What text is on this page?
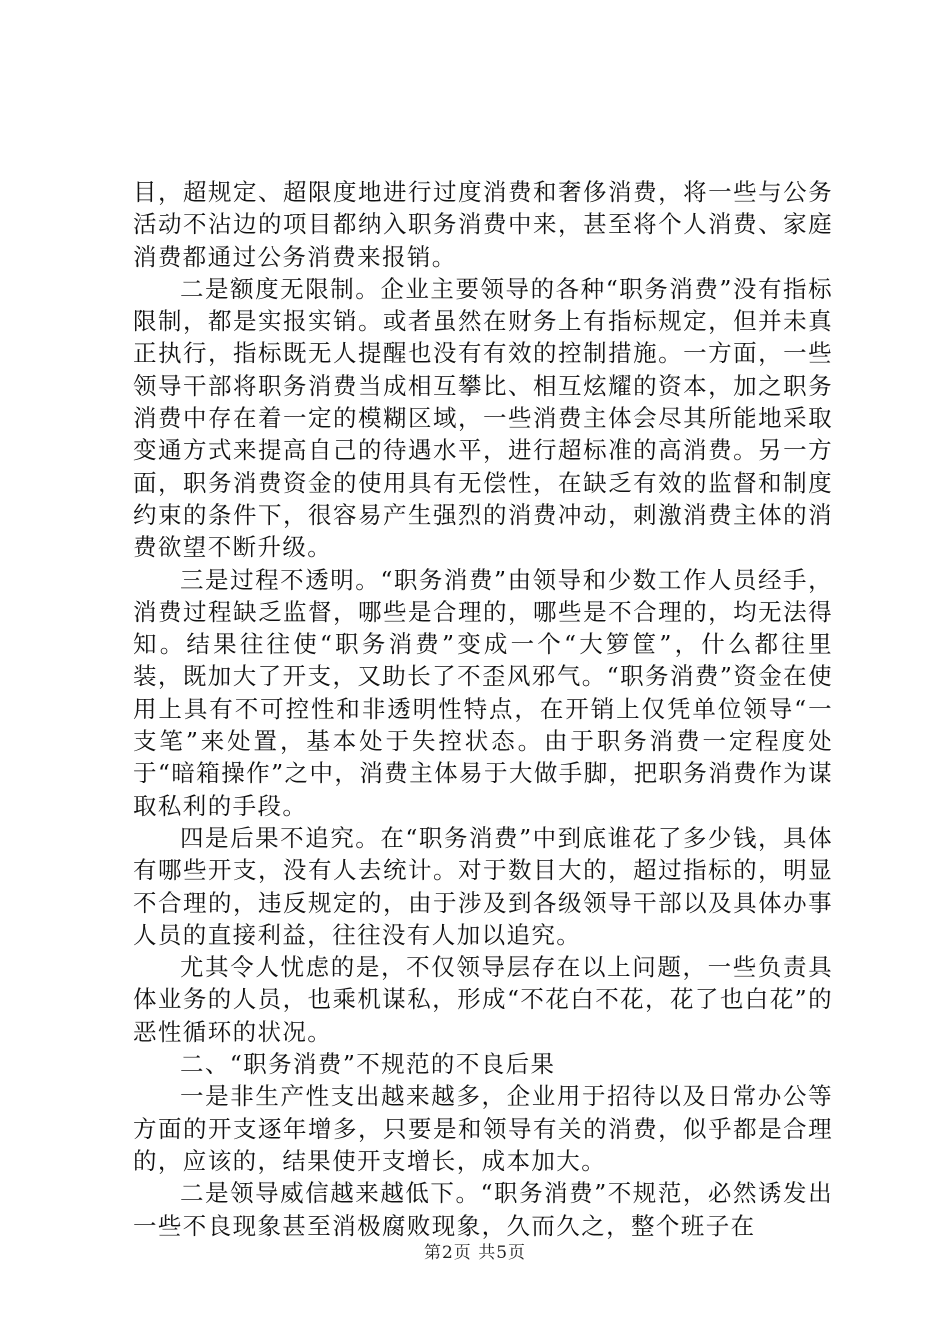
目，超规定、超限度地进行过度消费和奢侈消费，将一些与公务活动不沾边的项目都纳入职务消费中来，甚至将个人消费、家庭消费都通过公务消费来报销。

二是额度无限制。企业主要领导的各种“职务消费”没有指标限制，都是实报实销。或者虽然在财务上有指标规定，但并未真正执行，指标既无人提醒也没有有效的控制措施。一方面，一些领导干部将职务消费当成相互攀比、相互炫耀的资本，加之职务消费中存在着一定的模糊区域，一些消费主体会尽其所能地采取变通方式来提高自己的待遇水平，进行超标准的高消费。另一方面，职务消费资金的使用具有无偿性，在缺乏有效的监督和制度约束的条件下，很容易产生强烈的消费冲动，刺激消费主体的消费欲望不断升级。

三是过程不透明。“职务消费”由领导和少数工作人员经手，消费过程缺乏监督，哪些是合理的，哪些是不合理的，均无法得知。结果往往使“职务消费”变成一个“大箩筐”，什么都往里装，既加大了开支，又助长了不歪风邪气。“职务消费”资金在使用上具有不可控性和非透明性特点，在开销上仅凭单位领导“一支笔”来处置，基本处于失控状态。由于职务消费一定程度处于“暗箱操作”之中，消费主体易于大做手脚，把职务消费作为谋取私利的手段。

四是后果不追究。在“职务消费”中到底谁花了多少钱，具体有哪些开支，没有人去统计。对于数目大的，超过指标的，明显不合理的，违反规定的，由于涉及到各级领导干部以及具体办事人员的直接利益，往往没有人加以追究。

尤其令人忧虑的是，不仅领导层存在以上问题，一些负责具体业务的人员，也乘机谋私，形成“不花白不花，花了也白花”的恶性循环的状况。

二、“职务消费”不规范的不良后果

一是非生产性支出越来越多，企业用于招待以及日常办公等方面的开支逐年增多，只要是和领导有关的消费，似乎都是合理的，应该的，结果使开支增长，成本加大。

二是领导威信越来越低下。“职务消费”不规范，必然诱发出一些不良现象甚至消极腐败现象，久而久之，整个班子在

第2页 共5页
